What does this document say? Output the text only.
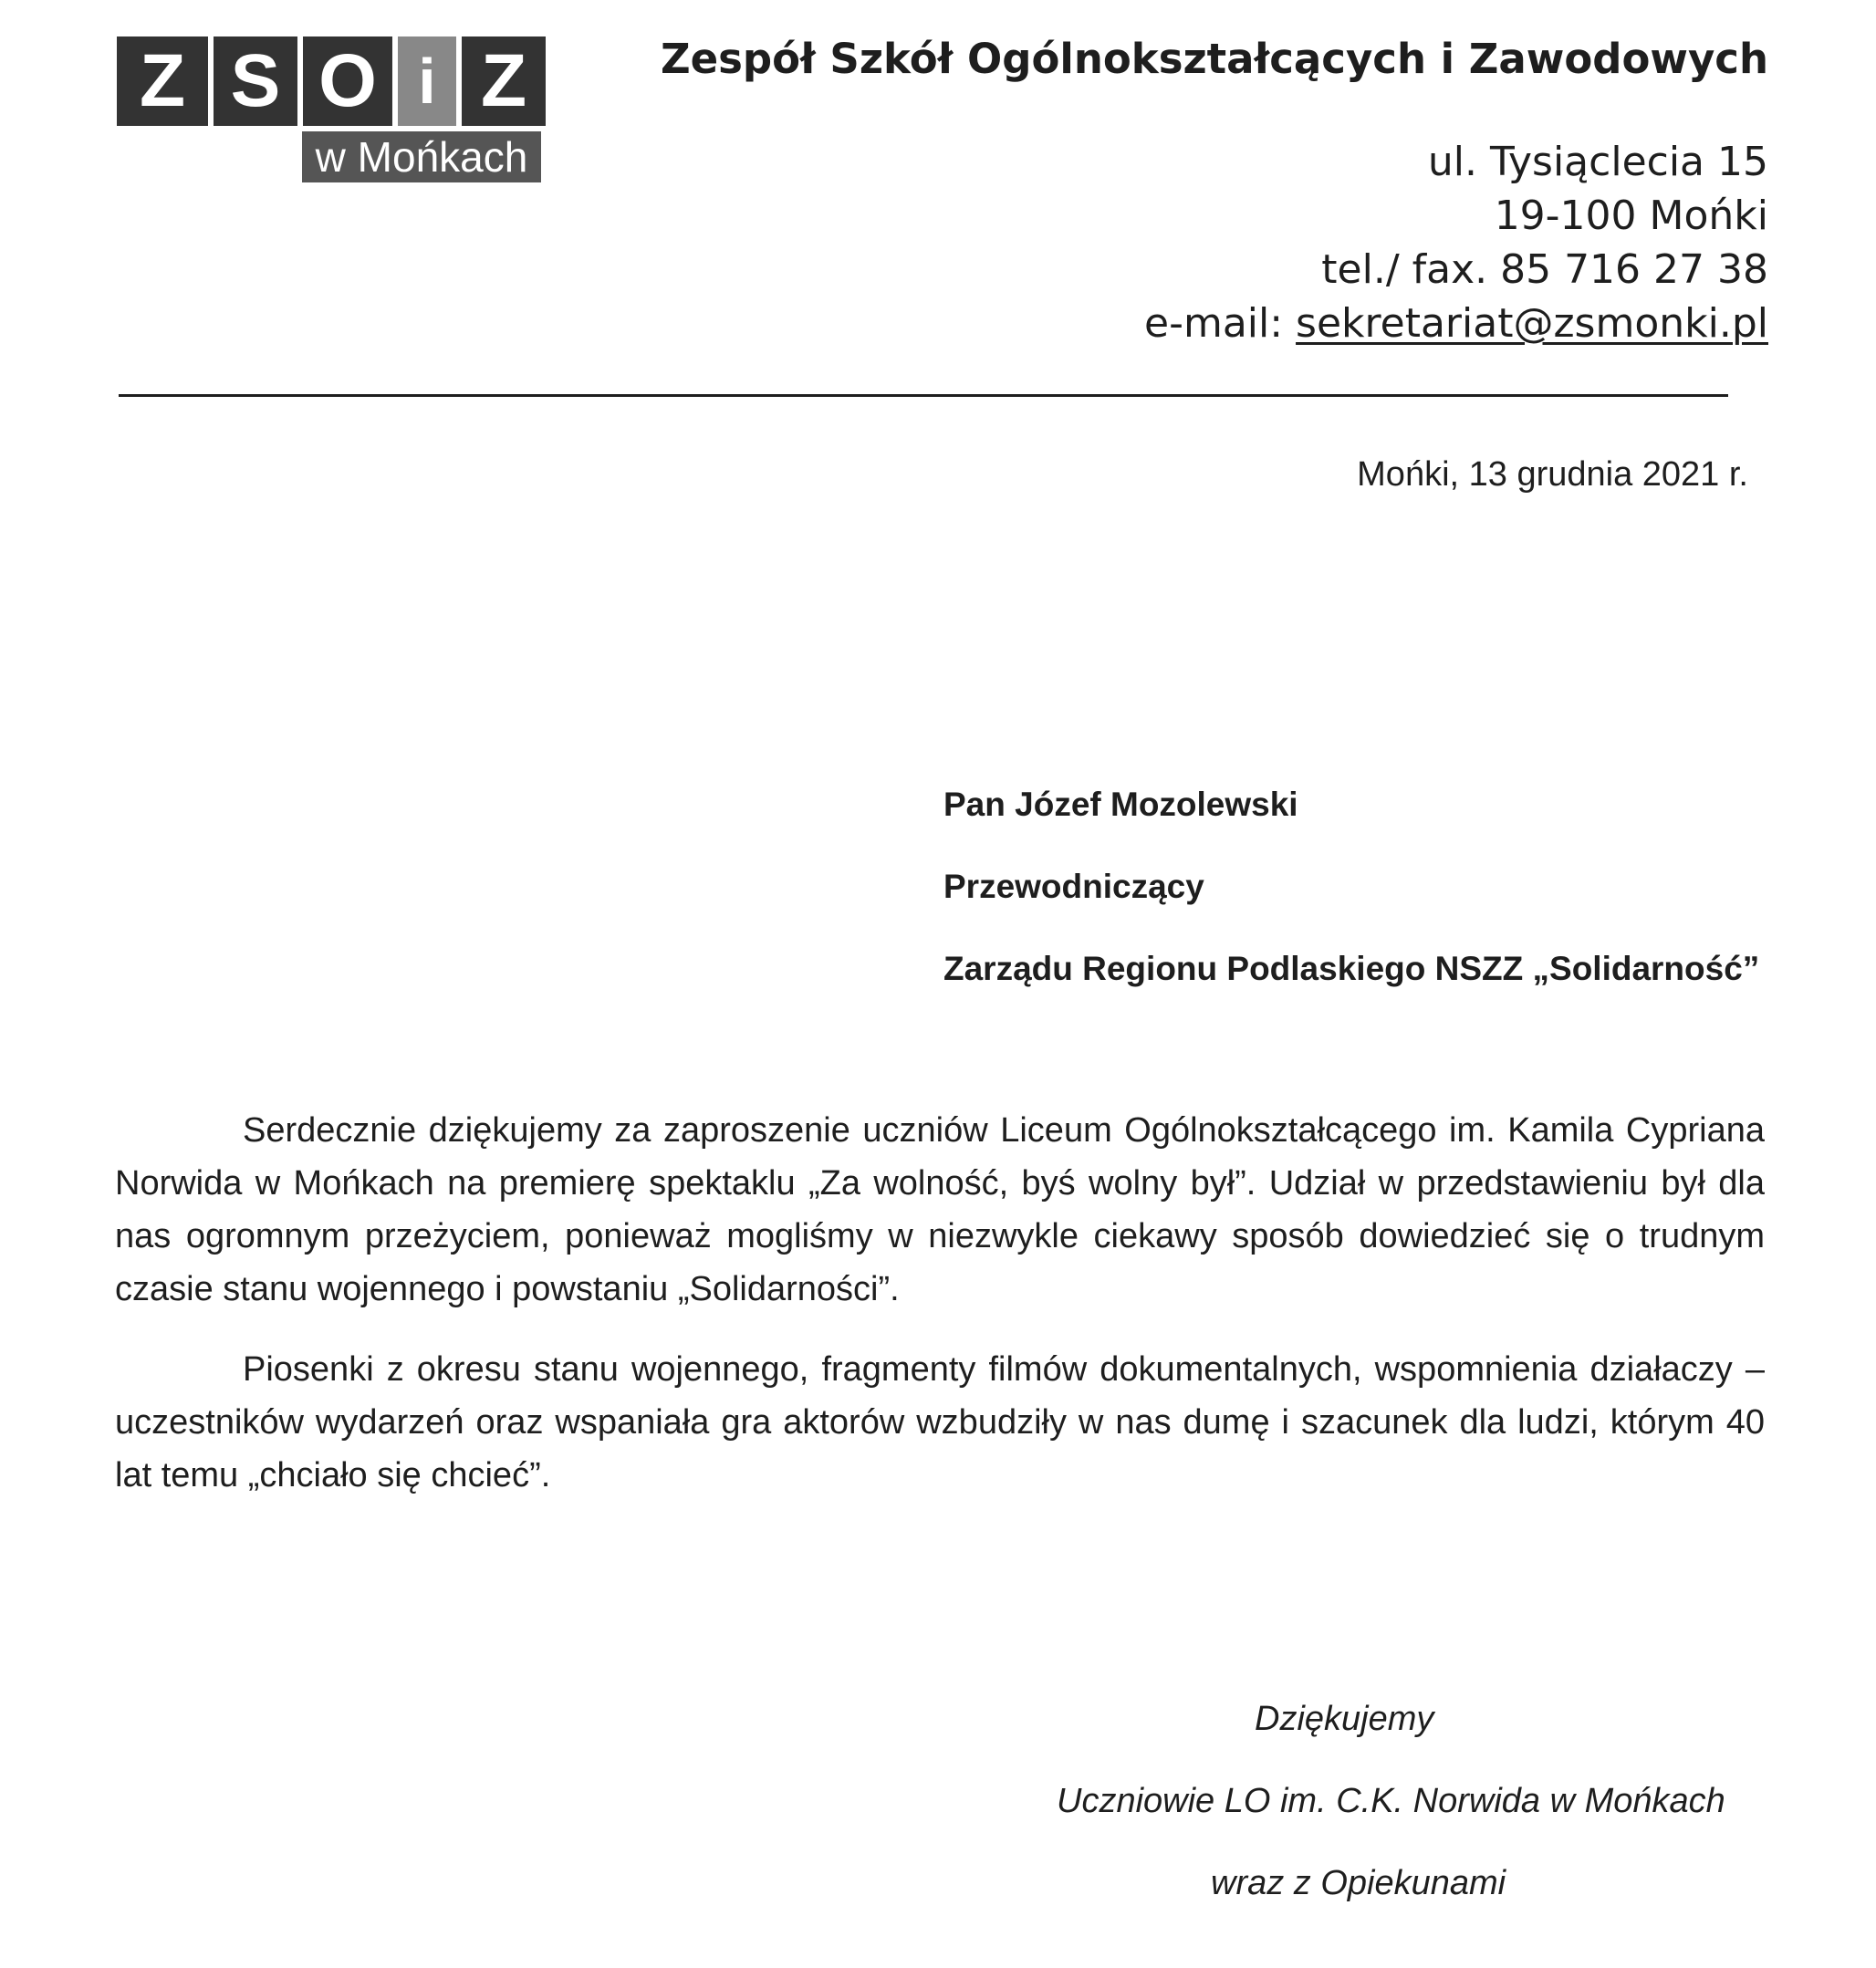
Z S O i Z
w Mońkach
Zespół Szkół Ogólnokształcących i Zawodowych
ul. Tysiąclecia 15
19-100 Mońki
tel./ fax. 85 716 27 38
e-mail: sekretariat@zsmonki.pl
Mońki, 13 grudnia 2021 r.
Pan Józef Mozolewski
Przewodniczący
Zarządu Regionu Podlaskiego NSZZ „Solidarność”

Serdecznie dziękujemy za zaproszenie uczniów Liceum Ogólnokształcącego im. Kamila Cypriana Norwida w Mońkach na premierę spektaklu „Za wolność, byś wolny był”. Udział w przedstawieniu był dla nas ogromnym przeżyciem, ponieważ mogliśmy w niezwykle ciekawy sposób dowiedzieć się o trudnym czasie stanu wojennego i powstaniu „Solidarności”.

Piosenki z okresu stanu wojennego, fragmenty filmów dokumentalnych, wspomnienia działaczy – uczestników wydarzeń oraz wspaniała gra aktorów wzbudziły w nas dumę i szacunek dla ludzi, którym 40 lat temu „chciało się chcieć”.

Dziękujemy
Uczniowie LO im. C.K. Norwida w Mońkach
wraz z Opiekunami
